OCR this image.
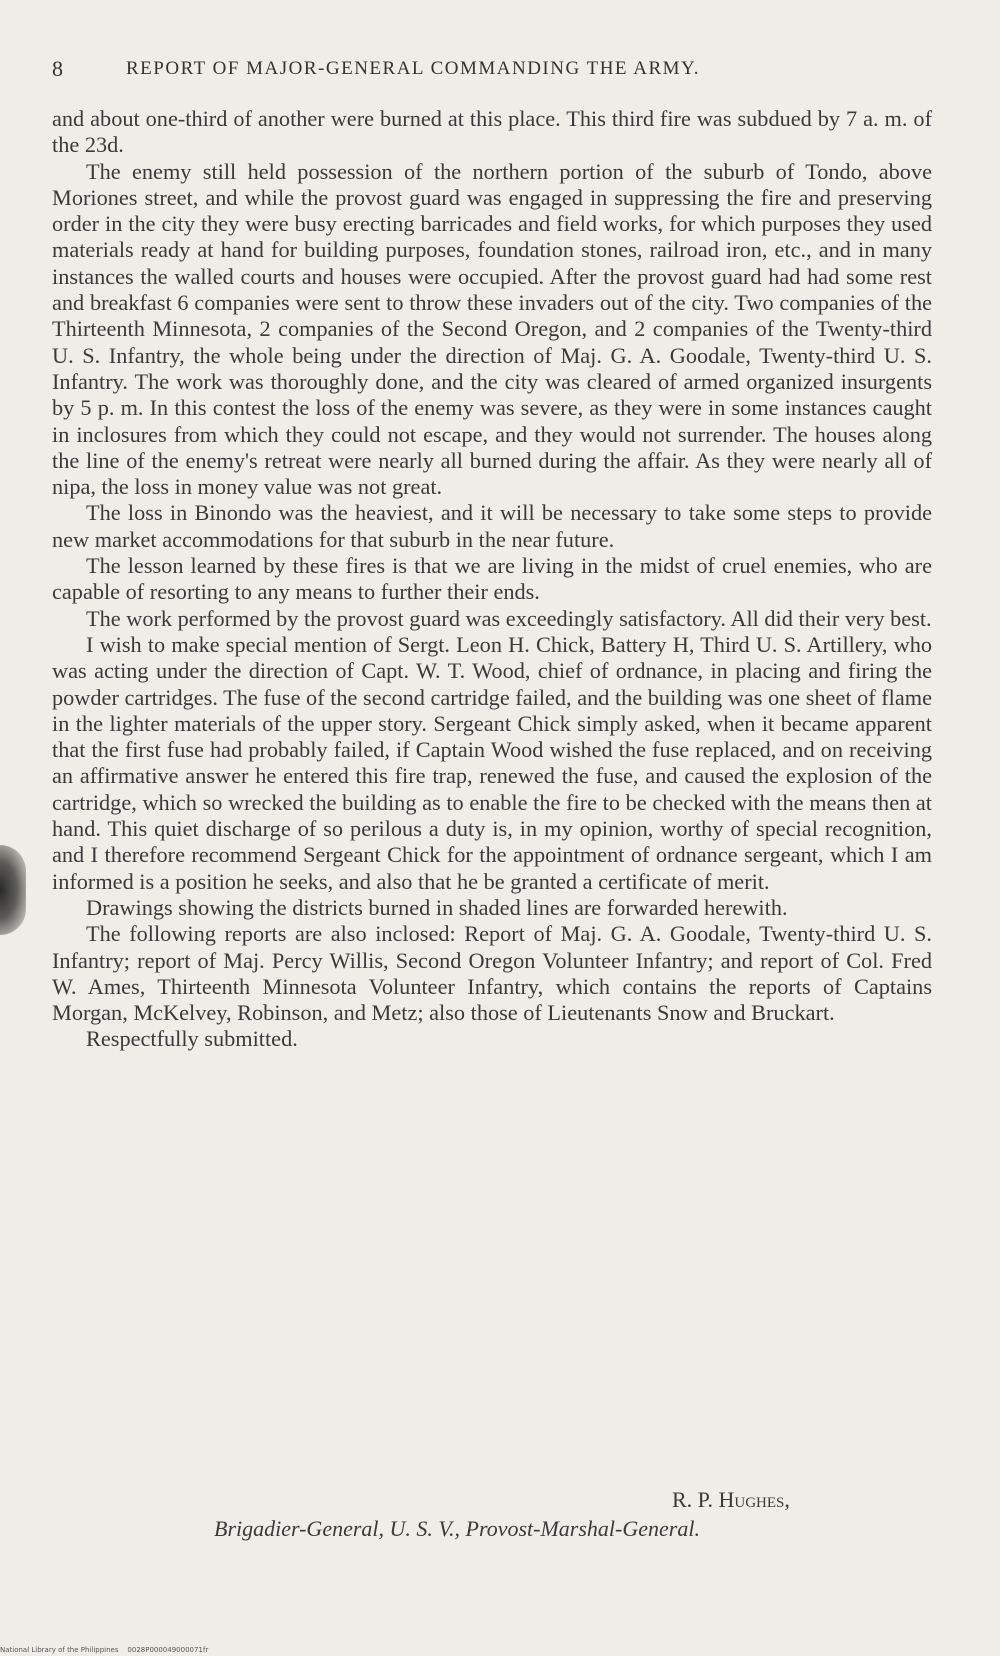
8	REPORT OF MAJOR-GENERAL COMMANDING THE ARMY.

and about one-third of another were burned at this place. This third fire was subdued by 7 a. m. of the 23d.

The enemy still held possession of the northern portion of the suburb of Tondo, above Moriones street, and while the provost guard was engaged in suppressing the fire and preserving order in the city they were busy erecting barricades and field works, for which purposes they used materials ready at hand for building purposes, foundation stones, railroad iron, etc., and in many instances the walled courts and houses were occupied. After the provost guard had had some rest and breakfast 6 companies were sent to throw these invaders out of the city. Two companies of the Thirteenth Minnesota, 2 companies of the Second Oregon, and 2 companies of the Twenty-third U. S. Infantry, the whole being under the direction of Maj. G. A. Goodale, Twenty-third U. S. Infantry. The work was thoroughly done, and the city was cleared of armed organized insurgents by 5 p. m. In this contest the loss of the enemy was severe, as they were in some instances caught in inclosures from which they could not escape, and they would not surrender. The houses along the line of the enemy's retreat were nearly all burned during the affair. As they were nearly all of nipa, the loss in money value was not great.

The loss in Binondo was the heaviest, and it will be necessary to take some steps to provide new market accommodations for that suburb in the near future.

The lesson learned by these fires is that we are living in the midst of cruel enemies, who are capable of resorting to any means to further their ends.

The work performed by the provost guard was exceedingly satisfactory. All did their very best.

I wish to make special mention of Sergt. Leon H. Chick, Battery H, Third U. S. Artillery, who was acting under the direction of Capt. W. T. Wood, chief of ordnance, in placing and firing the powder cartridges. The fuse of the second cartridge failed, and the building was one sheet of flame in the lighter materials of the upper story. Sergeant Chick simply asked, when it became apparent that the first fuse had probably failed, if Captain Wood wished the fuse replaced, and on receiving an affirmative answer he entered this fire trap, renewed the fuse, and caused the explosion of the cartridge, which so wrecked the building as to enable the fire to be checked with the means then at hand. This quiet discharge of so perilous a duty is, in my opinion, worthy of special recognition, and I therefore recommend Sergeant Chick for the appointment of ordnance sergeant, which I am informed is a position he seeks, and also that he be granted a certificate of merit.

Drawings showing the districts burned in shaded lines are forwarded herewith.

The following reports are also inclosed: Report of Maj. G. A. Goodale, Twenty-third U. S. Infantry; report of Maj. Percy Willis, Second Oregon Volunteer Infantry; and report of Col. Fred W. Ames, Thirteenth Minnesota Volunteer Infantry, which contains the reports of Captains Morgan, McKelvey, Robinson, and Metz; also those of Lieutenants Snow and Bruckart.

Respectfully submitted.

R. P. Hughes,
Brigadier-General, U. S. V., Provost-Marshal-General.
National Library of the Philippines 0028P000049000071fr
